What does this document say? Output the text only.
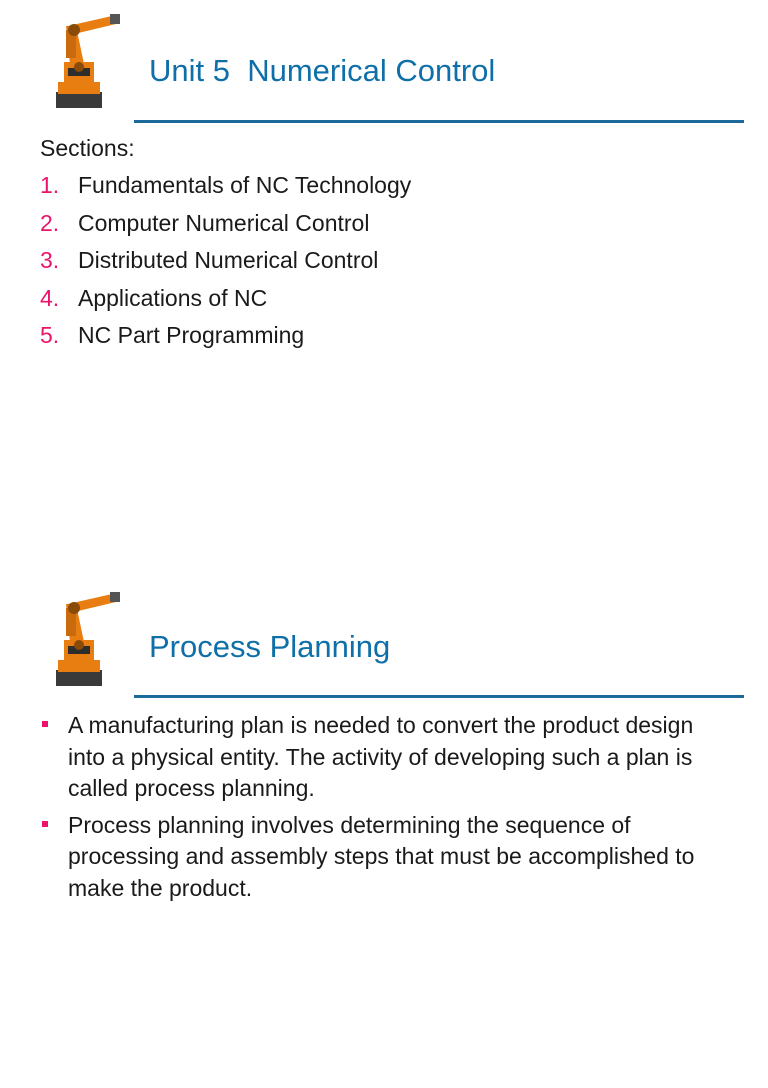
Unit 5  Numerical Control
Sections:
1. Fundamentals of NC Technology
2. Computer Numerical Control
3. Distributed Numerical Control
4. Applications of NC
5. NC Part Programming
Process Planning
A manufacturing plan is needed to convert the product design into a physical entity. The activity of developing such a plan is called process planning.
Process planning involves determining the sequence of processing and assembly steps that must be accomplished to make the product.
